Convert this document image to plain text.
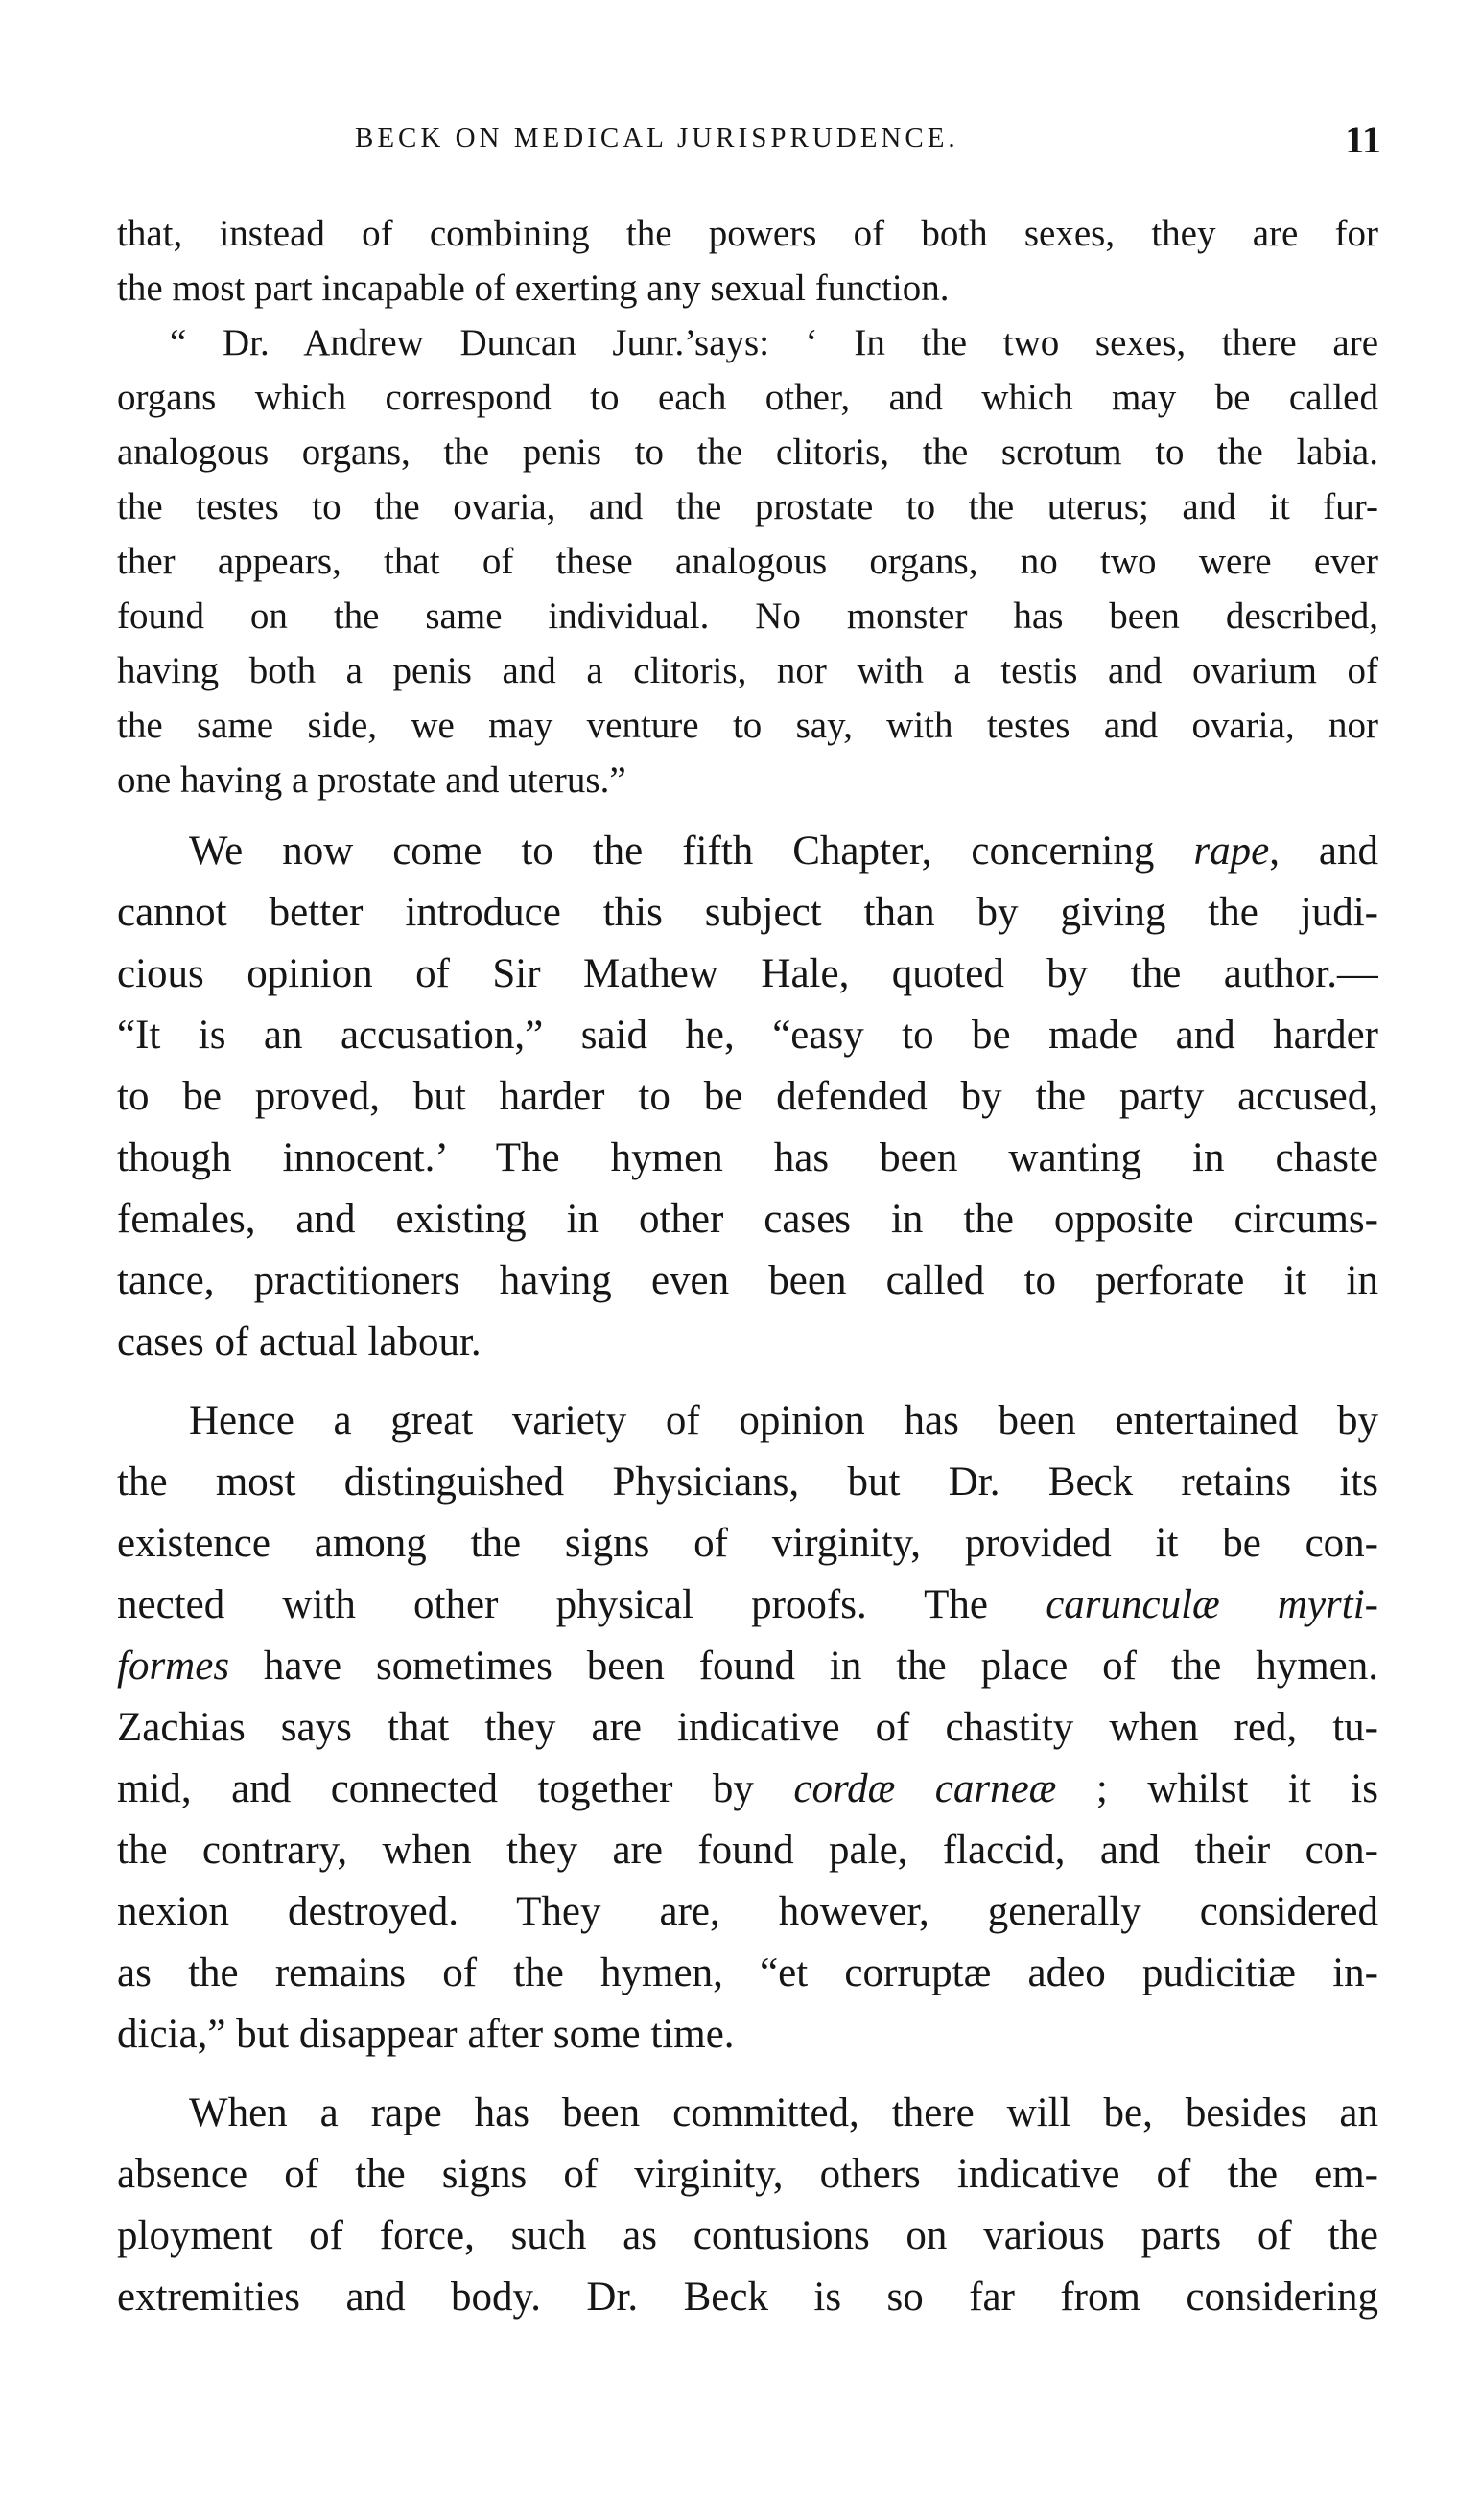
BECK ON MEDICAL JURISPRUDENCE.	11
that, instead of combining the powers of both sexes, they are for
the most part incapable of exerting any sexual function.
“ Dr. Andrew Duncan Junr.’says: ‘ In the two sexes, there are
organs which correspond to each other, and which may be called
analogous organs, the penis to the clitoris, the scrotum to the labia.
the testes to the ovaria, and the prostate to the uterus; and it fur-
ther appears, that of these analogous organs, no two were ever
found on the same individual. No monster has been described,
having both a penis and a clitoris, nor with a testis and ovarium of
the same side, we may venture to say, with testes and ovaria, nor
one having a prostate and uterus.”
We now come to the fifth Chapter, concerning rape, and
cannot better introduce this subject than by giving the judi-
cious opinion of Sir Mathew Hale, quoted by the author.—
“It is an accusation,” said he, “easy to be made and harder
to be proved, but harder to be defended by the party accused,
though innocent.’ The hymen has been wanting in chaste
females, and existing in other cases in the opposite circums-
tance, practitioners having even been called to perforate it in
cases of actual labour.
Hence a great variety of opinion has been entertained by
the most distinguished Physicians, but Dr. Beck retains its
existence among the signs of virginity, provided it be con-
nected with other physical proofs. The carunculæ myrti-
formes have sometimes been found in the place of the hymen.
Zachias says that they are indicative of chastity when red, tu-
mid, and connected together by cordæ carneæ ; whilst it is
the contrary, when they are found pale, flaccid, and their con-
nexion destroyed. They are, however, generally considered
as the remains of the hymen, “et corruptæ adeo pudicitiæ in-
dicia,” but disappear after some time.
When a rape has been committed, there will be, besides an
absence of the signs of virginity, others indicative of the em-
ployment of force, such as contusions on various parts of the
extremities and body. Dr. Beck is so far from considering
